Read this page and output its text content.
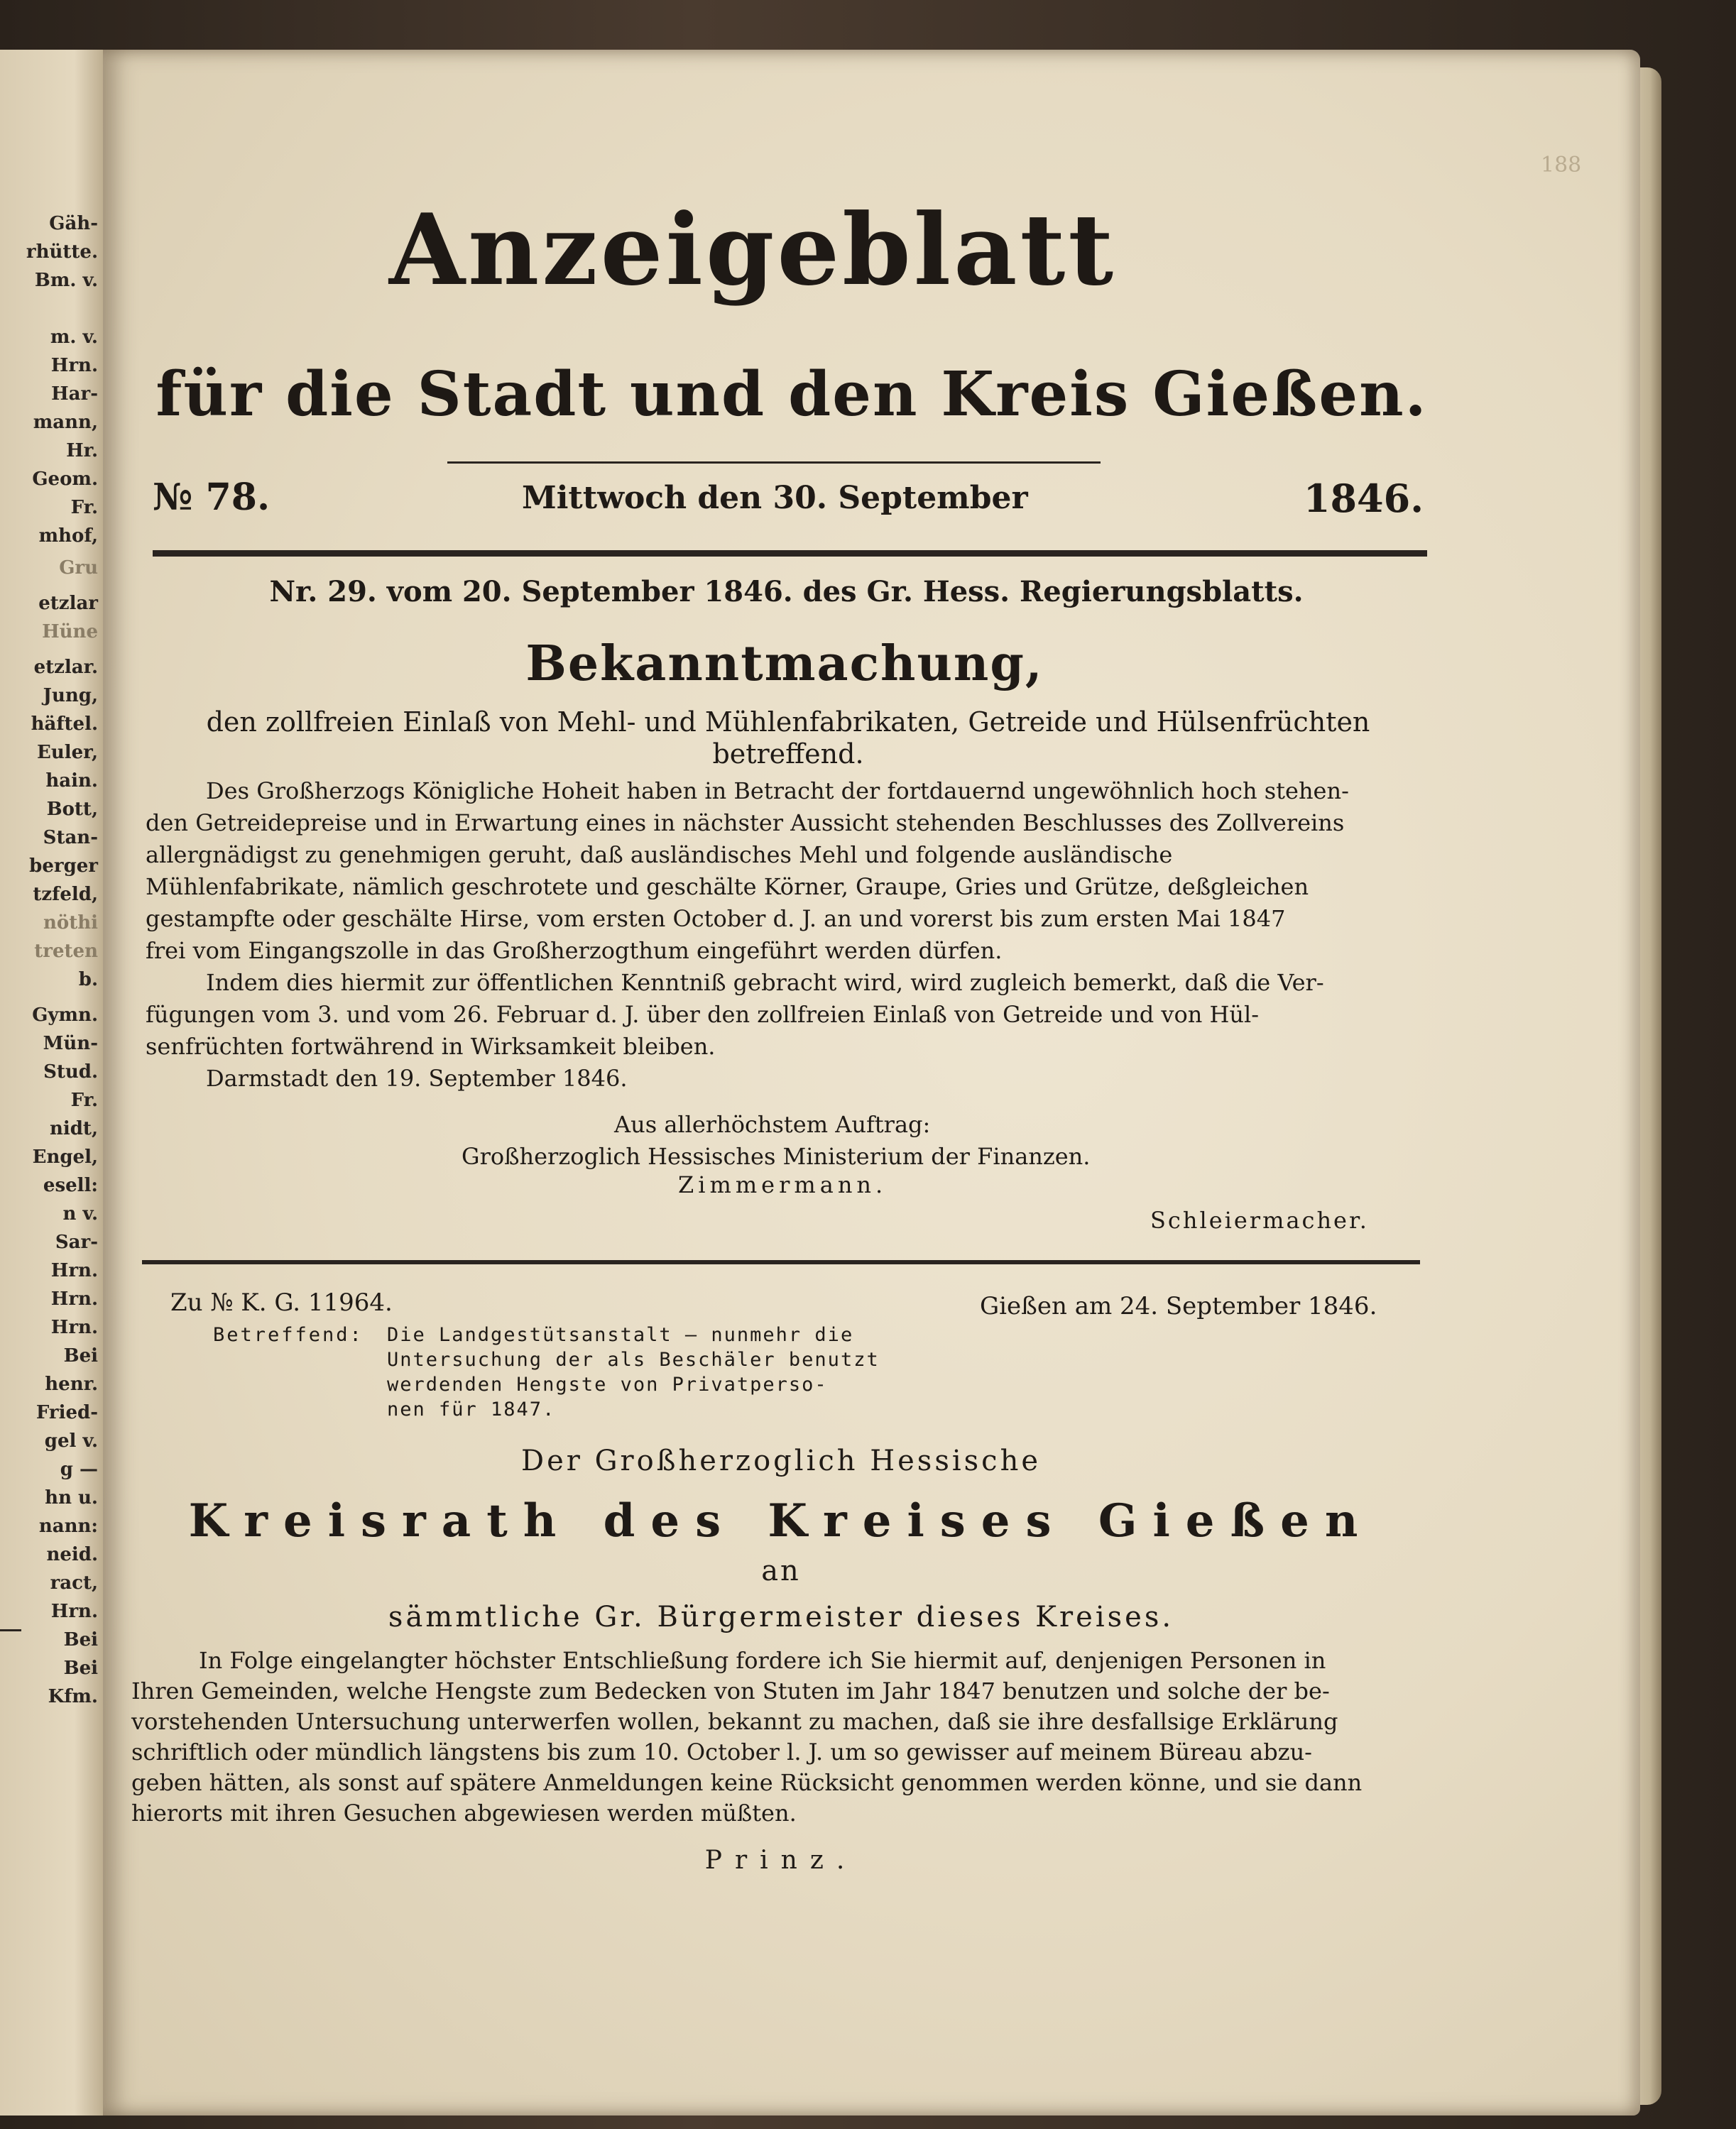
Gäh-
rhütte.
Bm. v.
m. v.
Hrn.
Har-
mann,
Hr.
Geom.
Fr.
mhof,
Gru
etzlar
Hüne
etzlar.
Jung,
häftel.
Euler,
hain.
Bott,
Stan-
berger
tzfeld,
nöthi
treten
b.
Gymn.
Mün-
Stud.
Fr.
nidt,
Engel,
esell:
n v.
Sar-
Hrn.
Hrn.
Hrn.
Bei
henr.
Fried-
gel v.
g —
hn u.
nann:
neid.
ract,
Hrn.
Bei
Bei
Kfm.
188
Anzeigeblatt
für die Stadt und den Kreis Gießen.
№ 78.	Mittwoch den 30. September	1846.
Nr. 29. vom 20. September 1846. des Gr. Hess. Regierungsblatts.
Bekanntmachung,
den zollfreien Einlaß von Mehl- und Mühlenfabrikaten, Getreide und Hülsenfrüchten
betreffend.
Des Großherzogs Königliche Hoheit haben in Betracht der fortdauernd ungewöhnlich hoch stehen-
den Getreidepreise und in Erwartung eines in nächster Aussicht stehenden Beschlusses des Zollvereins
allergnädigst zu genehmigen geruht, daß ausländisches Mehl und folgende ausländische
Mühlenfabrikate, nämlich geschrotete und geschälte Körner, Graupe, Gries und Grütze, deßgleichen
gestampfte oder geschälte Hirse, vom ersten October d. J. an und vorerst bis zum ersten Mai 1847
frei vom Eingangszolle in das Großherzogthum eingeführt werden dürfen.
Indem dies hiermit zur öffentlichen Kenntniß gebracht wird, wird zugleich bemerkt, daß die Ver-
fügungen vom 3. und vom 26. Februar d. J. über den zollfreien Einlaß von Getreide und von Hül-
senfrüchten fortwährend in Wirksamkeit bleiben.
Darmstadt den 19. September 1846.
Aus allerhöchstem Auftrag:
Großherzoglich Hessisches Ministerium der Finanzen.
Zimmermann.
Schleiermacher.
Zu № K. G. 11964.	Gießen am 24. September 1846.
Betreffend: Die Landgestütsanstalt — nunmehr die
Untersuchung der als Beschäler benutzt
werdenden Hengste von Privatperso-
nen für 1847.
Der Großherzoglich Hessische
Kreisrath des Kreises Gießen
an
sämmtliche Gr. Bürgermeister dieses Kreises.
In Folge eingelangter höchster Entschließung fordere ich Sie hiermit auf, denjenigen Personen in
Ihren Gemeinden, welche Hengste zum Bedecken von Stuten im Jahr 1847 benutzen und solche der be-
vorstehenden Untersuchung unterwerfen wollen, bekannt zu machen, daß sie ihre desfallsige Erklärung
schriftlich oder mündlich längstens bis zum 10. October l. J. um so gewisser auf meinem Büreau abzu-
geben hätten, als sonst auf spätere Anmeldungen keine Rücksicht genommen werden könne, und sie dann
hierorts mit ihren Gesuchen abgewiesen werden müßten.
Prinz.
